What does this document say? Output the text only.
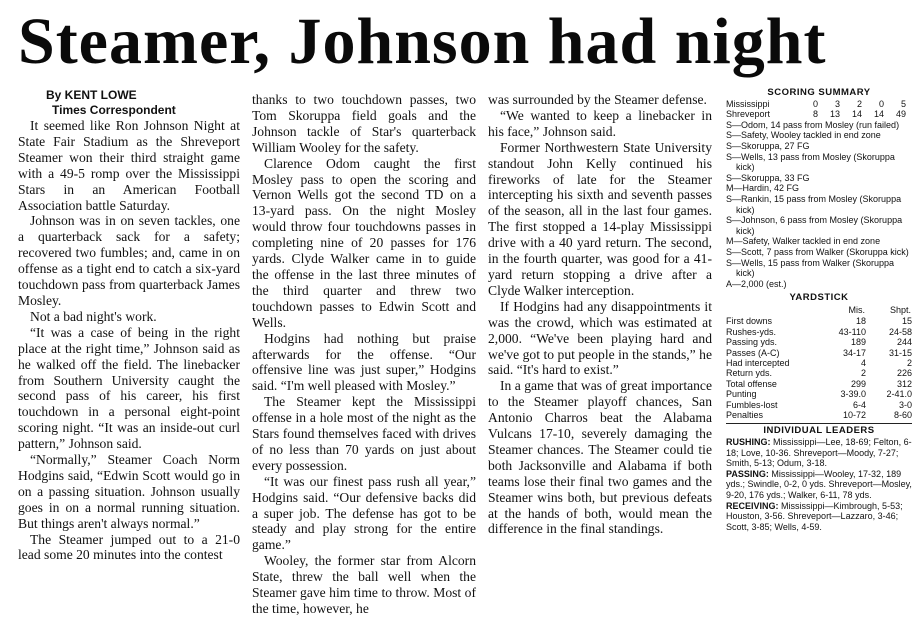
Steamer, Johnson had night
By KENT LOWE
Times Correspondent

It seemed like Ron Johnson Night at State Fair Stadium as the Shreveport Steamer won their third straight game with a 49-5 romp over the Mississippi Stars in an American Football Association battle Saturday.

Johnson was in on seven tackles, one a quarterback sack for a safety; recovered two fumbles; and, came in on offense as a tight end to catch a six-yard touchdown pass from quarterback James Mosley.

Not a bad night's work.

“It was a case of being in the right place at the right time,” Johnson said as he walked off the field. The linebacker from Southern University caught the second pass of his career, his first touchdown in a personal eight-point scoring night. “It was an inside-out curl pattern,” Johnson said.

“Normally,” Steamer Coach Norm Hodgins said, “Edwin Scott would go in on a passing situation. Johnson usually goes in on a normal running situation. But things aren't always normal.”

The Steamer jumped out to a 21-0 lead some 20 minutes into the contest

thanks to two touchdown passes, two Tom Skoruppa field goals and the Johnson tackle of Star's quarterback William Wooley for the safety.

Clarence Odom caught the first Mosley pass to open the scoring and Vernon Wells got the second TD on a 13-yard pass. On the night Mosley would throw four touchdowns passes in completing nine of 20 passes for 176 yards. Clyde Walker came in to guide the offense in the last three minutes of the third quarter and threw two touchdown passes to Edwin Scott and Wells.

Hodgins had nothing but praise afterwards for the offense. “Our offensive line was just super,” Hodgins said. “I'm well pleased with Mosley.”

The Steamer kept the Mississippi offense in a hole most of the night as the Stars found themselves faced with drives of no less than 70 yards on just about every possession.

“It was our finest pass rush all year,” Hodgins said. “Our defensive backs did a super job. The defense has got to be steady and play strong for the entire game.”

Wooley, the former star from Alcorn State, threw the ball well when the Steamer gave him time to throw. Most of the time, however, he

was surrounded by the Steamer defense.

“We wanted to keep a linebacker in his face,” Johnson said.

Former Northwestern State University standout John Kelly continued his fireworks of late for the Steamer intercepting his sixth and seventh passes of the season, all in the last four games. The first stopped a 14-play Mississippi drive with a 40 yard return. The second, in the fourth quarter, was good for a 41-yard return stopping a drive after a Clyde Walker interception.

If Hodgins had any disappointments it was the crowd, which was estimated at 2,000. “We've been playing hard and we've got to put people in the stands,” he said. “It's hard to exist.”

In a game that was of great importance to the Steamer playoff chances, San Antonio Charros beat the Alabama Vulcans 17-10, severely damaging the Steamer chances. The Steamer could tie both Jacksonville and Alabama if both teams lose their final two games and the Steamer wins both, but previous defeats at the hands of both, would mean the difference in the final standings.

SCORING SUMMARY
Mississippi	0	3	2	0	5
Shreveport	8	13	14	14	49
S—Odom, 14 pass from Mosley (run failed)
S—Safety, Wooley tackled in end zone
S—Skoruppa, 27 FG
S—Wells, 13 pass from Mosley (Skoruppa kick)
S—Skoruppa, 33 FG
M—Hardin, 42 FG
S—Rankin, 15 pass from Mosley (Skoruppa kick)
S—Johnson, 6 pass from Mosley (Skoruppa kick)
M—Safety, Walker tackled in end zone
S—Scott, 7 pass from Walker (Skoruppa kick)
S—Wells, 15 pass from Walker (Skoruppa kick)
A—2,000 (est.)
YARDSTICK
	Mis.	Shpt.
First downs	18	15
Rushes-yds.	43-110	24-58
Passing yds.	189	244
Passes (A-C)	34-17	31-15
Had intercepted	4	2
Return yds.	2	226
Total offense	299	312
Punting	3-39.0	2-41.0
Fumbles-lost	6-4	3-0
Penalties	10-72	8-60
INDIVIDUAL LEADERS
RUSHING: Mississippi—Lee, 18-69; Felton, 6-18; Love, 10-36. Shreveport—Moody, 7-27; Smith, 5-13; Odum, 3-18.
PASSING: Mississippi—Wooley, 17-32, 189 yds.; Swindle, 0-2, 0 yds. Shreveport—Mosley, 9-20, 176 yds.; Walker, 6-11, 78 yds.
RECEIVING: Mississippi—Kimbrough, 5-53; Houston, 3-56. Shreveport—Lazzaro, 3-46; Scott, 3-85; Wells, 4-59.
